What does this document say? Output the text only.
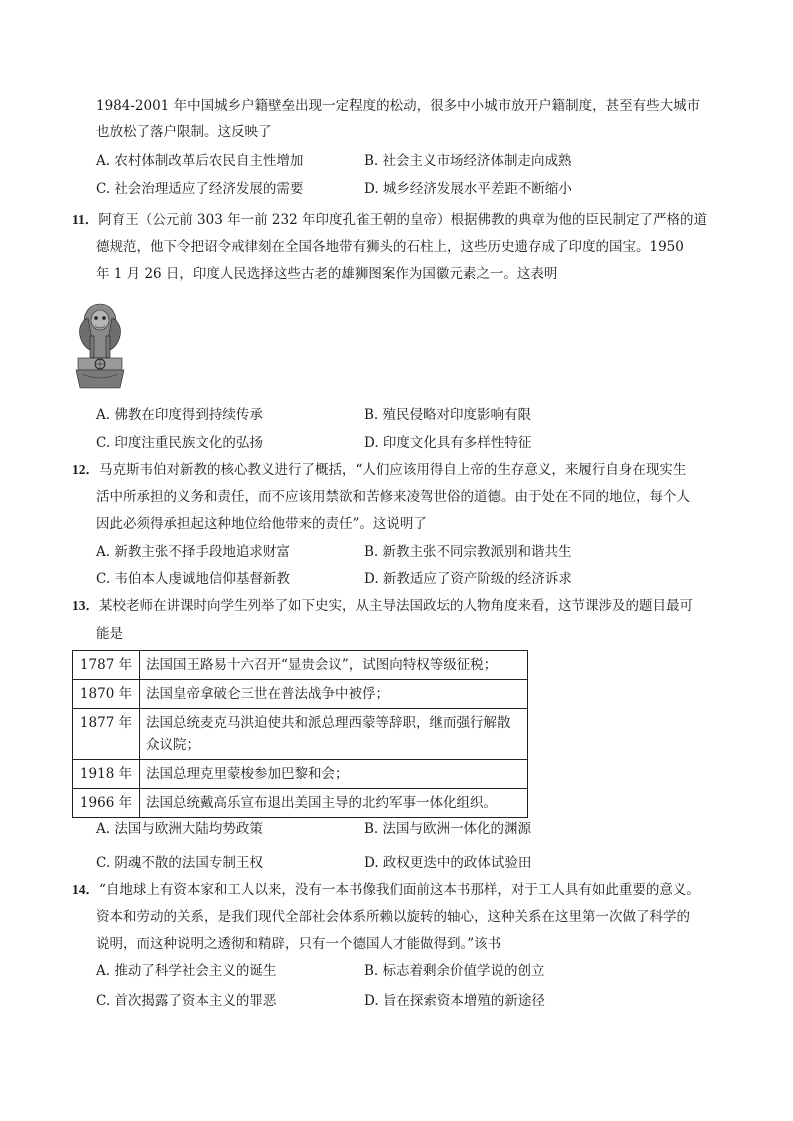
1984-2001 年中国城乡户籍壁垒出现一定程度的松动，很多中小城市放开户籍制度，甚至有些大城市
也放松了落户限制。这反映了
A. 农村体制改革后农民自主性增加	B. 社会主义市场经济体制走向成熟
C. 社会治理适应了经济发展的需要	D. 城乡经济发展水平差距不断缩小
11．阿育王（公元前 303 年一前 232 年印度孔雀王朝的皇帝）根据佛教的典章为他的臣民制定了严格的道
德规范，他下令把诏令戒律刻在全国各地带有狮头的石柱上，这些历史遗存成了印度的国宝。1950
年 1 月 26 日，印度人民选择这些古老的雄狮图案作为国徽元素之一。这表明
A. 佛教在印度得到持续传承	B. 殖民侵略对印度影响有限
C. 印度注重民族文化的弘扬	D. 印度文化具有多样性特征
12．马克斯韦伯对新教的核心教义进行了概括，“人们应该用得自上帝的生存意义，来履行自身在现实生
活中所承担的义务和责任，而不应该用禁欲和苦修来凌驾世俗的道德。由于处在不同的地位，每个人
因此必须得承担起这种地位给他带来的责任”。这说明了
A. 新教主张不择手段地追求财富	B. 新教主张不同宗教派别和谐共生
C. 韦伯本人虔诚地信仰基督新教	D. 新教适应了资产阶级的经济诉求
13．某校老师在讲课时向学生列举了如下史实，从主导法国政坛的人物角度来看，这节课涉及的题目最可
能是
1787 年	法国国王路易十六召开“显贵会议”，试图向特权等级征税；
1870 年	法国皇帝拿破仑三世在普法战争中被俘；
1877 年	法国总统麦克马洪迫使共和派总理西蒙等辞职，继而强行解散众议院；
1918 年	法国总理克里蒙梭参加巴黎和会；
1966 年	法国总统戴高乐宣布退出美国主导的北约军事一体化组织。
A. 法国与欧洲大陆均势政策	B. 法国与欧洲一体化的渊源
C. 阴魂不散的法国专制王权	D. 政权更迭中的政体试验田
14．“自地球上有资本家和工人以来，没有一本书像我们面前这本书那样，对于工人具有如此重要的意义。
资本和劳动的关系，是我们现代全部社会体系所赖以旋转的轴心，这种关系在这里第一次做了科学的
说明，而这种说明之透彻和精辟，只有一个德国人才能做得到。”该书
A. 推动了科学社会主义的诞生	B. 标志着剩余价值学说的创立
C. 首次揭露了资本主义的罪恶	D. 旨在探索资本增殖的新途径
